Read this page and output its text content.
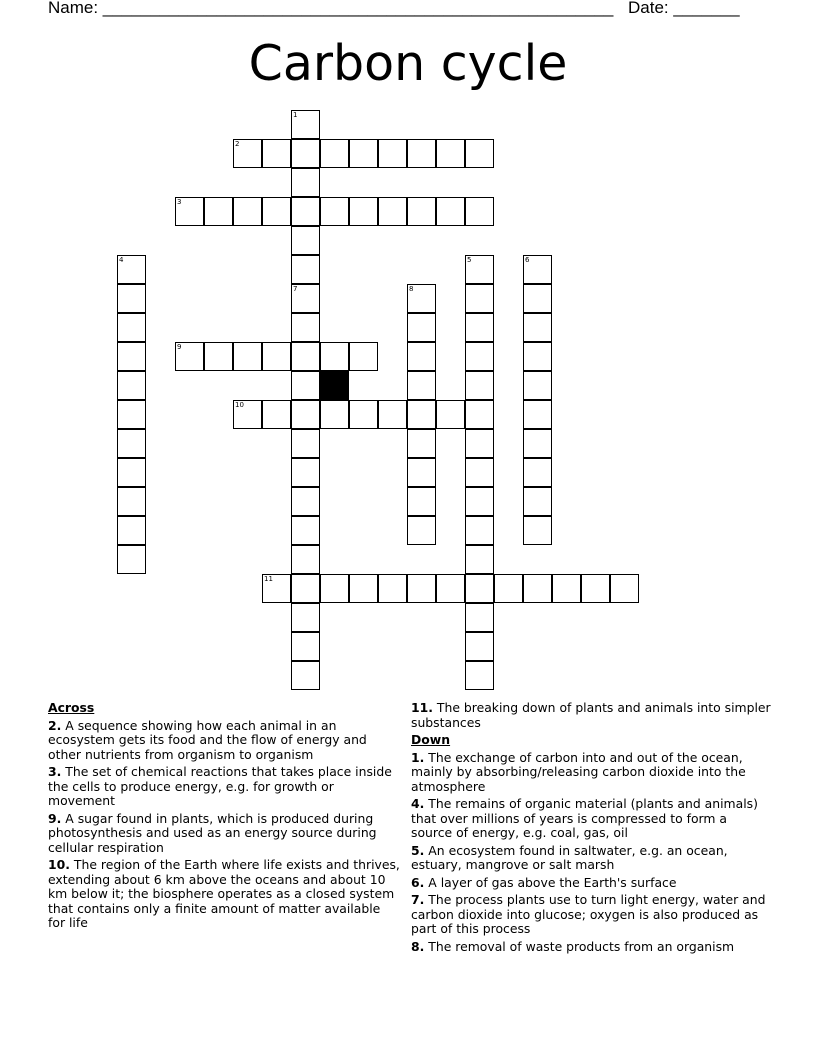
Name: ______________________________________________________ Date: _______
Carbon cycle
1
7
2
3
4	5	6
8
9
10
11
Across
2. A sequence showing how each animal in an ecosystem gets its food and the flow of energy and other nutrients from organism to organism
3. The set of chemical reactions that takes place inside the cells to produce energy, e.g. for growth or movement
9. A sugar found in plants, which is produced during photosynthesis and used as an energy source during cellular respiration
10. The region of the Earth where life exists and thrives, extending about 6 km above the oceans and about 10 km below it; the biosphere operates as a closed system that contains only a finite amount of matter available for life
11. The breaking down of plants and animals into simpler substances
Down
1. The exchange of carbon into and out of the ocean, mainly by absorbing/releasing carbon dioxide into the atmosphere
4. The remains of organic material (plants and animals) that over millions of years is compressed to form a source of energy, e.g. coal, gas, oil
5. An ecosystem found in saltwater, e.g. an ocean, estuary, mangrove or salt marsh
6. A layer of gas above the Earth's surface
7. The process plants use to turn light energy, water and carbon dioxide into glucose; oxygen is also produced as part of this process
8. The removal of waste products from an organism
